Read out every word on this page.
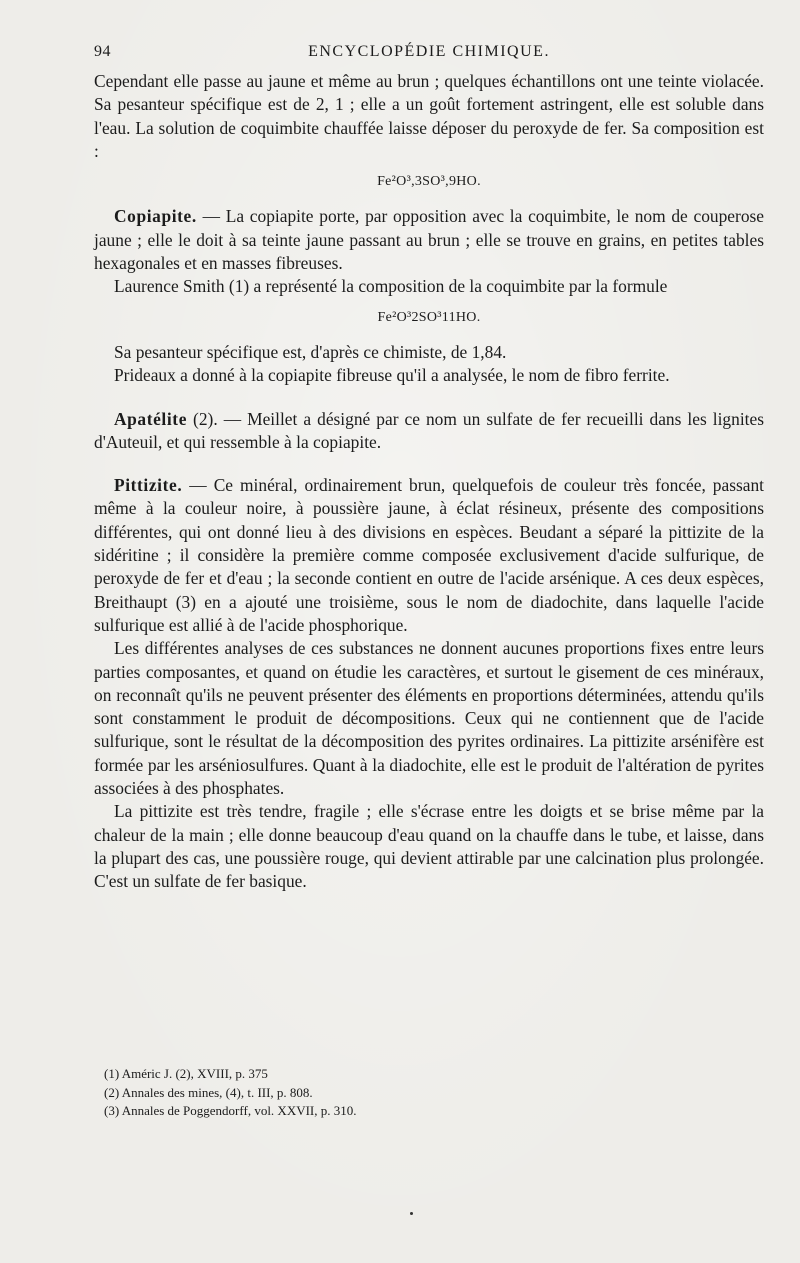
94	ENCYCLOPÉDIE CHIMIQUE.

Cependant elle passe au jaune et même au brun ; quelques échantillons ont une teinte violacée. Sa pesanteur spécifique est de 2, 1 ; elle a un goût fortement astringent, elle est soluble dans l'eau. La solution de coquimbite chauffée laisse déposer du peroxyde de fer. Sa composition est :

Fe²O³,3SO³,9HO.

Copiapite. — La copiapite porte, par opposition avec la coquimbite, le nom de couperose jaune ; elle le doit à sa teinte jaune passant au brun ; elle se trouve en grains, en petites tables hexagonales et en masses fibreuses.

Laurence Smith (1) a représenté la composition de la coquimbite par la formule

Fe²O³2SO³11HO.

Sa pesanteur spécifique est, d'après ce chimiste, de 1,84.

Prideaux a donné à la copiapite fibreuse qu'il a analysée, le nom de fibro ferrite.

Apatélite (2). — Meillet a désigné par ce nom un sulfate de fer recueilli dans les lignites d'Auteuil, et qui ressemble à la copiapite.

Pittizite. — Ce minéral, ordinairement brun, quelquefois de couleur très foncée, passant même à la couleur noire, à poussière jaune, à éclat résineux, présente des compositions différentes, qui ont donné lieu à des divisions en espèces. Beudant a séparé la pittizite de la sidéritine ; il considère la première comme composée exclusivement d'acide sulfurique, de peroxyde de fer et d'eau ; la seconde contient en outre de l'acide arsénique. A ces deux espèces, Breithaupt (3) en a ajouté une troisième, sous le nom de diadochite, dans laquelle l'acide sulfurique est allié à de l'acide phosphorique.

Les différentes analyses de ces substances ne donnent aucunes proportions fixes entre leurs parties composantes, et quand on étudie les caractères, et surtout le gisement de ces minéraux, on reconnaît qu'ils ne peuvent présenter des éléments en proportions déterminées, attendu qu'ils sont constamment le produit de décompositions. Ceux qui ne contiennent que de l'acide sulfurique, sont le résultat de la décomposition des pyrites ordinaires. La pittizite arsénifère est formée par les arséniosulfures. Quant à la diadochite, elle est le produit de l'altération de pyrites associées à des phosphates.

La pittizite est très tendre, fragile ; elle s'écrase entre les doigts et se brise même par la chaleur de la main ; elle donne beaucoup d'eau quand on la chauffe dans le tube, et laisse, dans la plupart des cas, une poussière rouge, qui devient attirable par une calcination plus prolongée. C'est un sulfate de fer basique.

(1) Améric J. (2), XVIII, p. 375
(2) Annales des mines, (4), t. III, p. 808.
(3) Annales de Poggendorff, vol. XXVII, p. 310.
